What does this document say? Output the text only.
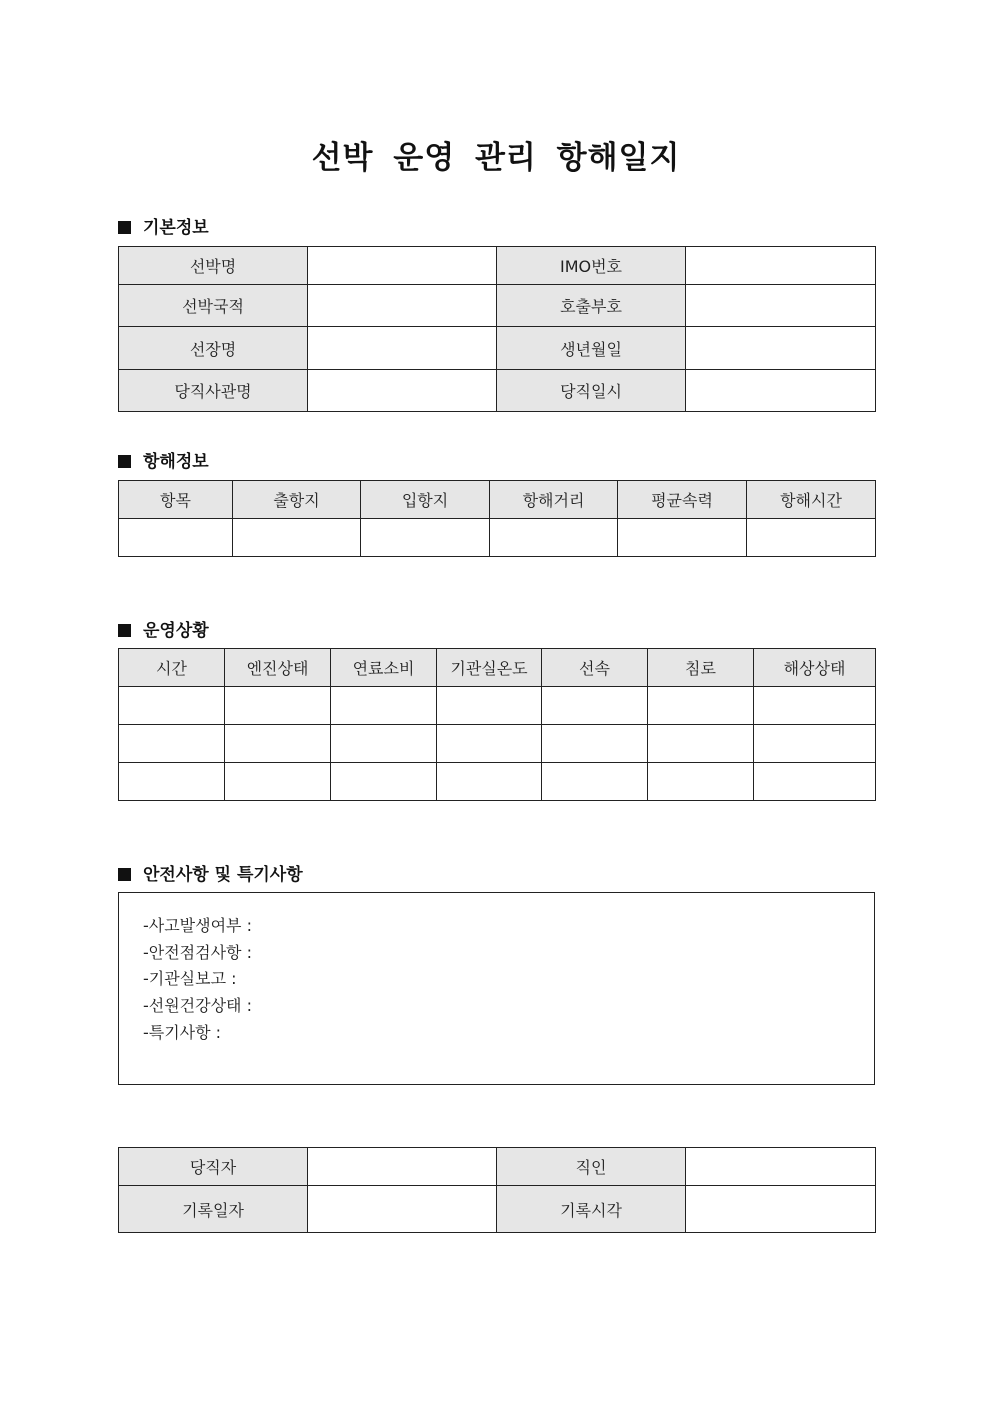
선박 운영 관리 항해일지
기본정보
선박명		IMO번호	
선박국적		호출부호	
선장명		생년월일	
당직사관명		당직일시	
항해정보
항목	출항지	입항지	항해거리	평균속력	항해시간

운영상황
시간	엔진상태	연료소비	기관실온도	선속	침로	해상상태

안전사항 및 특기사항
-사고발생여부 :
-안전점검사항 :
-기관실보고 :
-선원건강상태 :
-특기사항 :
당직자		직인	
기록일자		기록시각	
